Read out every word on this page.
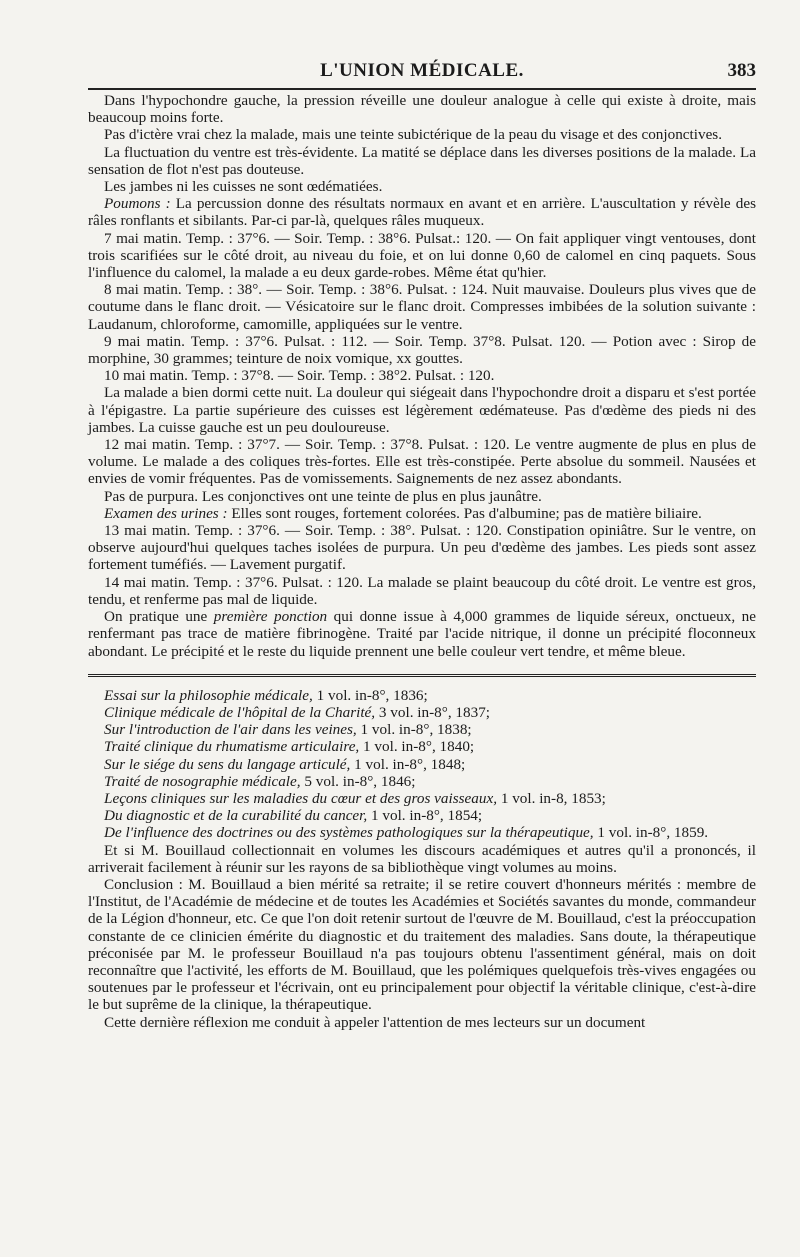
L'UNION MÉDICALE.	383

Dans l'hypochondre gauche, la pression réveille une douleur analogue à celle qui existe à droite, mais beaucoup moins forte.

Pas d'ictère vrai chez la malade, mais une teinte subictérique de la peau du visage et des conjonctives.

La fluctuation du ventre est très-évidente. La matité se déplace dans les diverses positions de la malade. La sensation de flot n'est pas douteuse.

Les jambes ni les cuisses ne sont œdématiées.

Poumons : La percussion donne des résultats normaux en avant et en arrière. L'auscultation y révèle des râles ronflants et sibilants. Par-ci par-là, quelques râles muqueux.

7 mai matin. Temp. : 37°6. — Soir. Temp. : 38°6. Pulsat.: 120. — On fait appliquer vingt ventouses, dont trois scarifiées sur le côté droit, au niveau du foie, et on lui donne 0,60 de calomel en cinq paquets. Sous l'influence du calomel, la malade a eu deux garde-robes. Même état qu'hier.

8 mai matin. Temp. : 38°. — Soir. Temp. : 38°6. Pulsat. : 124. Nuit mauvaise. Douleurs plus vives que de coutume dans le flanc droit. — Vésicatoire sur le flanc droit. Compresses imbibées de la solution suivante : Laudanum, chloroforme, camomille, appliquées sur le ventre.

9 mai matin. Temp. : 37°6. Pulsat. : 112. — Soir. Temp. 37°8. Pulsat. 120. — Potion avec : Sirop de morphine, 30 grammes; teinture de noix vomique, xx gouttes.

10 mai matin. Temp. : 37°8. — Soir. Temp. : 38°2. Pulsat. : 120.

La malade a bien dormi cette nuit. La douleur qui siégeait dans l'hypochondre droit a disparu et s'est portée à l'épigastre. La partie supérieure des cuisses est légèrement œdémateuse. Pas d'œdème des pieds ni des jambes. La cuisse gauche est un peu douloureuse.

12 mai matin. Temp. : 37°7. — Soir. Temp. : 37°8. Pulsat. : 120. Le ventre augmente de plus en plus de volume. Le malade a des coliques très-fortes. Elle est très-constipée. Perte absolue du sommeil. Nausées et envies de vomir fréquentes. Pas de vomissements. Saignements de nez assez abondants.

Pas de purpura. Les conjonctives ont une teinte de plus en plus jaunâtre.

Examen des urines : Elles sont rouges, fortement colorées. Pas d'albumine; pas de matière biliaire.

13 mai matin. Temp. : 37°6. — Soir. Temp. : 38°. Pulsat. : 120. Constipation opiniâtre. Sur le ventre, on observe aujourd'hui quelques taches isolées de purpura. Un peu d'œdème des jambes. Les pieds sont assez fortement tuméfiés. — Lavement purgatif.

14 mai matin. Temp. : 37°6. Pulsat. : 120. La malade se plaint beaucoup du côté droit. Le ventre est gros, tendu, et renferme pas mal de liquide.

On pratique une première ponction qui donne issue à 4,000 grammes de liquide séreux, onctueux, ne renfermant pas trace de matière fibrinogène. Traité par l'acide nitrique, il donne un précipité floconneux abondant. Le précipité et le reste du liquide prennent une belle couleur vert tendre, et même bleue.

Essai sur la philosophie médicale, 1 vol. in-8°, 1836;

Clinique médicale de l'hôpital de la Charité, 3 vol. in-8°, 1837;

Sur l'introduction de l'air dans les veines, 1 vol. in-8°, 1838;

Traité clinique du rhumatisme articulaire, 1 vol. in-8°, 1840;

Sur le siége du sens du langage articulé, 1 vol. in-8°, 1848;

Traité de nosographie médicale, 5 vol. in-8°, 1846;

Leçons cliniques sur les maladies du cœur et des gros vaisseaux, 1 vol. in-8, 1853;

Du diagnostic et de la curabilité du cancer, 1 vol. in-8°, 1854;

De l'influence des doctrines ou des systèmes pathologiques sur la thérapeutique, 1 vol. in-8°, 1859.

Et si M. Bouillaud collectionnait en volumes les discours académiques et autres qu'il a prononcés, il arriverait facilement à réunir sur les rayons de sa bibliothèque vingt volumes au moins.

Conclusion : M. Bouillaud a bien mérité sa retraite; il se retire couvert d'honneurs mérités : membre de l'Institut, de l'Académie de médecine et de toutes les Académies et Sociétés savantes du monde, commandeur de la Légion d'honneur, etc. Ce que l'on doit retenir surtout de l'œuvre de M. Bouillaud, c'est la préoccupation constante de ce clinicien émérite du diagnostic et du traitement des maladies. Sans doute, la thérapeutique préconisée par M. le professeur Bouillaud n'a pas toujours obtenu l'assentiment général, mais on doit reconnaître que l'activité, les efforts de M. Bouillaud, que les polémiques quelquefois très-vives engagées ou soutenues par le professeur et l'écrivain, ont eu principalement pour objectif la véritable clinique, c'est-à-dire le but suprême de la clinique, la thérapeutique.

Cette dernière réflexion me conduit à appeler l'attention de mes lecteurs sur un document
